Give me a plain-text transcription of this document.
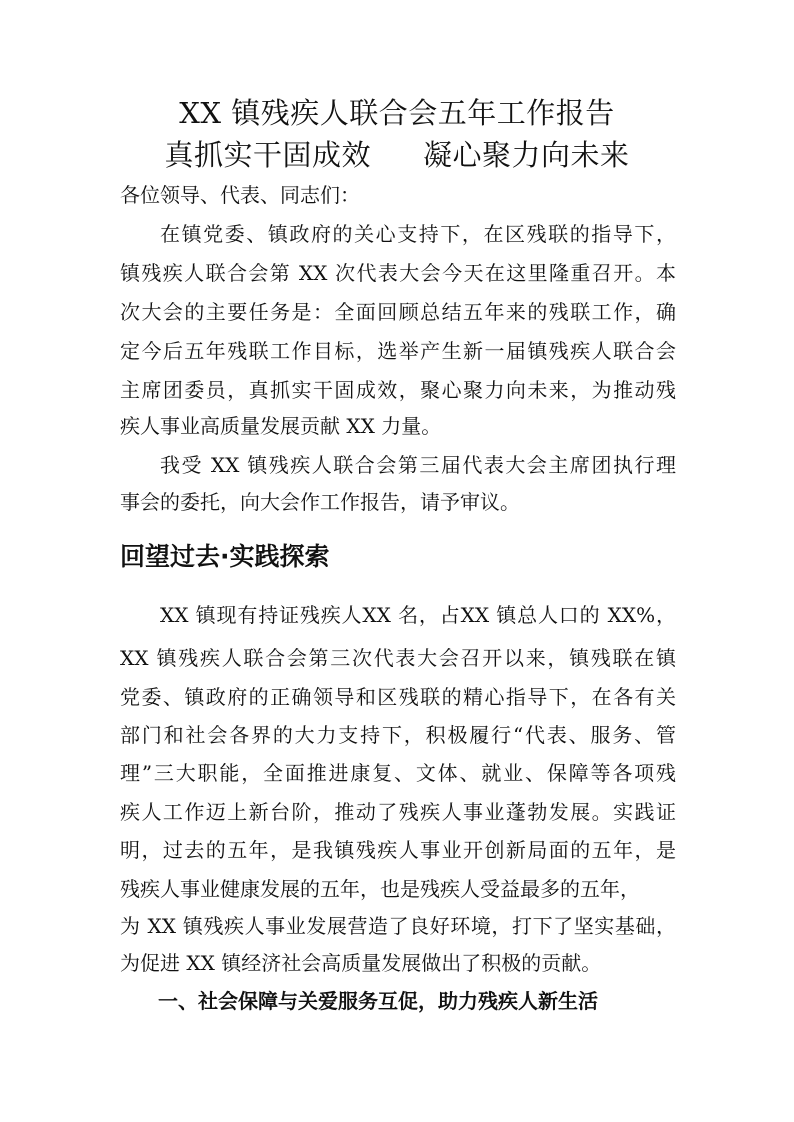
XX 镇残疾人联合会五年工作报告
真抓实干固成效 凝心聚力向未来
各位领导、代表、同志们：
在镇党委、镇政府的关心支持下，在区残联的指导下，
镇残疾人联合会第 XX 次代表大会今天在这里隆重召开。本
次大会的主要任务是：全面回顾总结五年来的残联工作，确
定今后五年残联工作目标，选举产生新一届镇残疾人联合会
主席团委员，真抓实干固成效，聚心聚力向未来，为推动残
疾人事业高质量发展贡献 XX 力量。
我受 XX 镇残疾人联合会第三届代表大会主席团执行理
事会的委托，向大会作工作报告，请予审议。
回望过去·实践探索
XX 镇现有持证残疾人XX 名，占XX 镇总人口的 XX%，
XX 镇残疾人联合会第三次代表大会召开以来，镇残联在镇
党委、镇政府的正确领导和区残联的精心指导下，在各有关
部门和社会各界的大力支持下，积极履行“代表、服务、管
理”三大职能，全面推进康复、文体、就业、保障等各项残
疾人工作迈上新台阶，推动了残疾人事业蓬勃发展。实践证
明，过去的五年，是我镇残疾人事业开创新局面的五年，是
残疾人事业健康发展的五年，也是残疾人受益最多的五年，
为 XX 镇残疾人事业发展营造了良好环境，打下了坚实基础，
为促进 XX 镇经济社会高质量发展做出了积极的贡献。
一、社会保障与关爱服务互促，助力残疾人新生活
